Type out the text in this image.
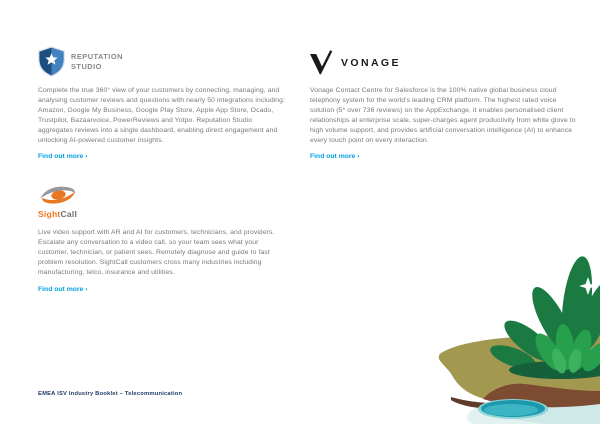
REPUTATION
STUDIO

Complete the true 360° view of your customers by connecting, managing, and analysing customer reviews and questions with nearly 50 integrations including: Amazon, Google My Business, Google Play Store, Apple App Store, Ocado, Trustpilot, Bazaarvoice, PowerReviews and Yotpo. Reputation Studio aggregates reviews into a single dashboard, enabling direct engagement and unlocking AI-powered customer insights.

Find out more ›
VONAGE

Vonage Contact Centre for Salesforce is the 100% native global business cloud telephony system for the world's leading CRM platform. The highest rated voice solution (5* over 736 reviews) on the AppExchange, it enables personalised client relationships at enterprise scale, super-charges agent productivity from white glove to high volume support, and provides artificial conversation intelligence (AI) to enhance every touch point on every interaction.

Find out more ›
SightCall

Live video support with AR and AI for customers, technicians, and providers. Escalate any conversation to a video call, so your team sees what your customer, technician, or patient sees. Remotely diagnose and guide to fast problem resolution. SightCall customers cross many industries including manufacturing, telco, insurance and utilities.

Find out more ›
EMEA ISV Industry Booklet – Telecommunication
